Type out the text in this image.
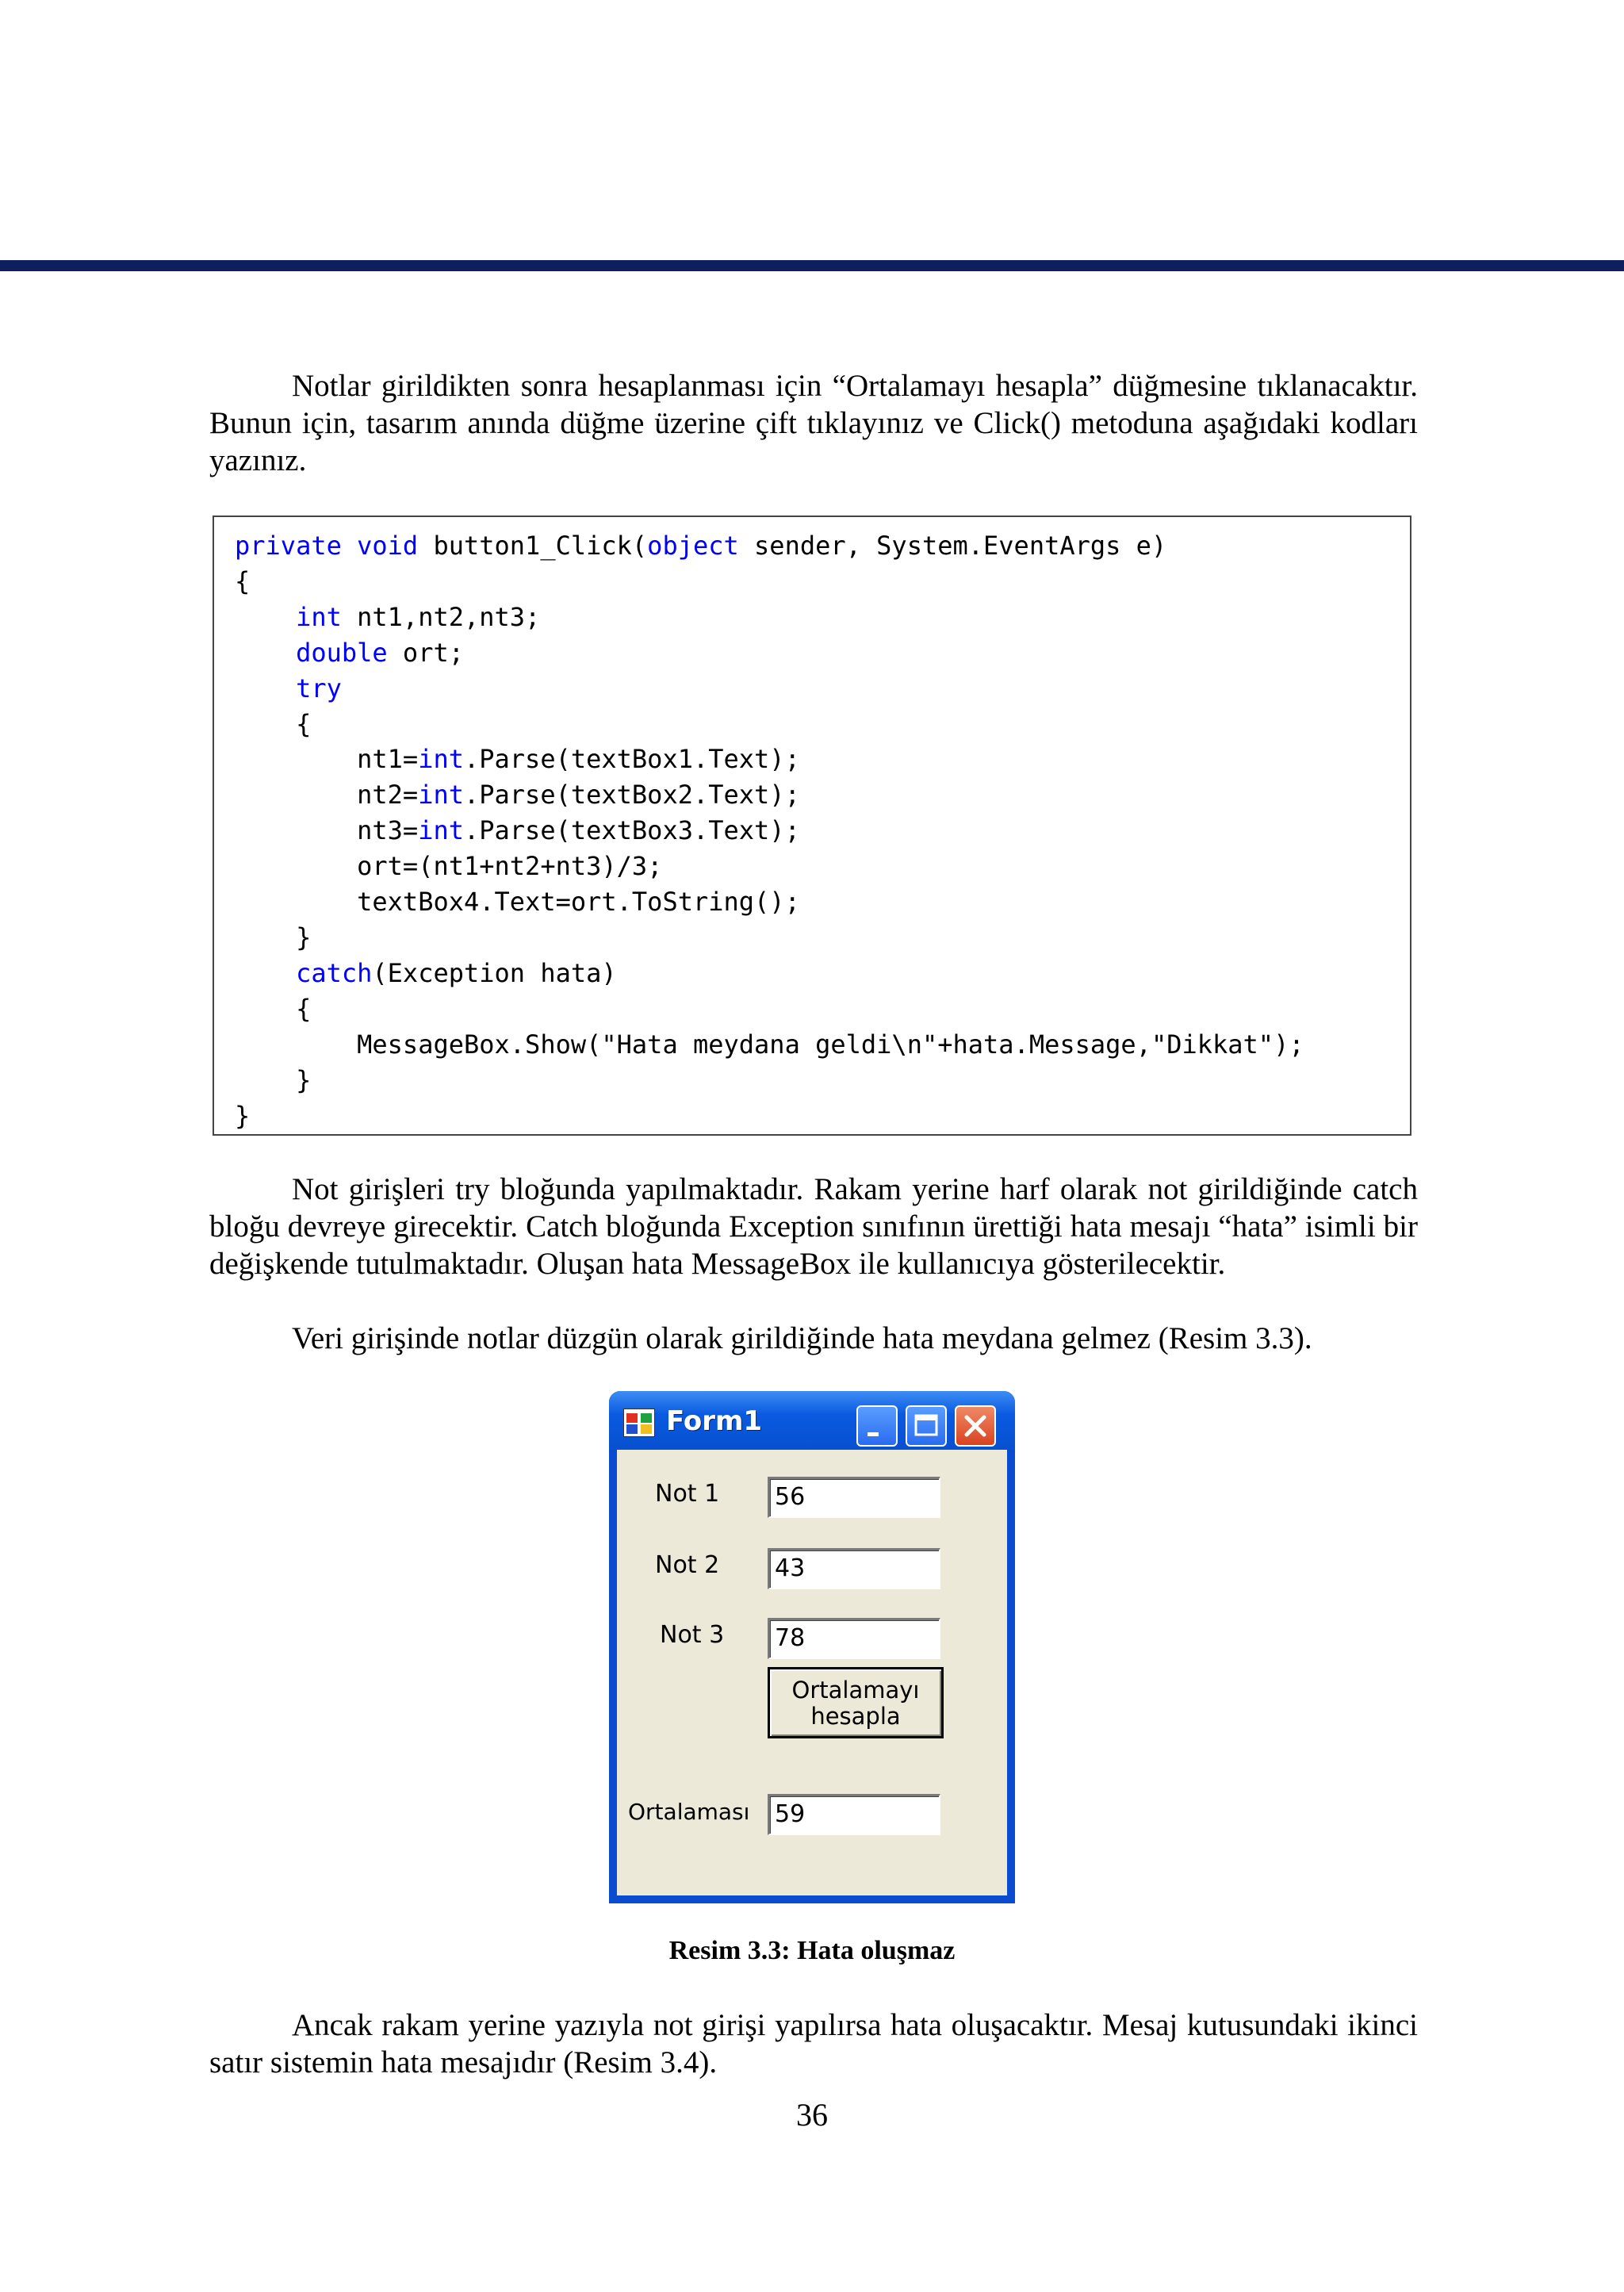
Notlar girildikten sonra hesaplanması için “Ortalamayı hesapla” düğmesine tıklanacaktır. Bunun için, tasarım anında düğme üzerine çift tıklayınız ve Click() metoduna aşağıdaki kodları yazınız.

private void button1_Click(object sender, System.EventArgs e)
{
int nt1,nt2,nt3;
double ort;
try
{
nt1=int.Parse(textBox1.Text);
nt2=int.Parse(textBox2.Text);
nt3=int.Parse(textBox3.Text);
ort=(nt1+nt2+nt3)/3;
textBox4.Text=ort.ToString();
}
catch(Exception hata)
{
MessageBox.Show("Hata meydana geldi\n"+hata.Message,"Dikkat");
}
}

Not girişleri try bloğunda yapılmaktadır. Rakam yerine harf olarak not girildiğinde catch bloğu devreye girecektir. Catch bloğunda Exception sınıfının ürettiği hata mesajı “hata” isimli bir değişkende tutulmaktadır. Oluşan hata MessageBox ile kullanıcıya gösterilecektir.

Veri girişinde notlar düzgün olarak girildiğinde hata meydana gelmez (Resim 3.3).

Form1
Not 1	56
Not 2	43
Not 3	78
Ortalamayı
hesapla
Ortalaması	59
Resim 3.3: Hata oluşmaz

Ancak rakam yerine yazıyla not girişi yapılırsa hata oluşacaktır. Mesaj kutusundaki ikinci satır sistemin hata mesajıdır (Resim 3.4).

36
